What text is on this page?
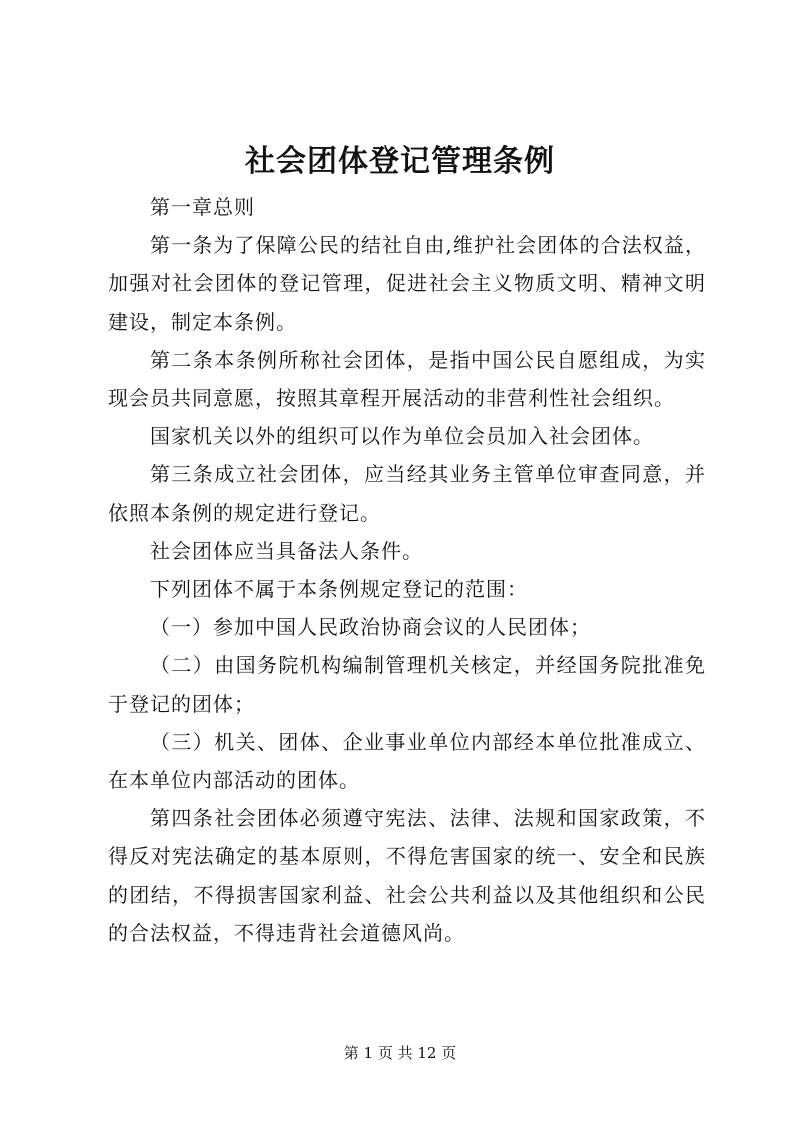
社会团体登记管理条例

第一章总则

第一条为了保障公民的结社自由,维护社会团体的合法权益，加强对社会团体的登记管理，促进社会主义物质文明、精神文明建设，制定本条例。

第二条本条例所称社会团体，是指中国公民自愿组成，为实现会员共同意愿，按照其章程开展活动的非营利性社会组织。

国家机关以外的组织可以作为单位会员加入社会团体。

第三条成立社会团体，应当经其业务主管单位审查同意，并依照本条例的规定进行登记。

社会团体应当具备法人条件。

下列团体不属于本条例规定登记的范围：

（一）参加中国人民政治协商会议的人民团体；

（二）由国务院机构编制管理机关核定，并经国务院批准免于登记的团体；

（三）机关、团体、企业事业单位内部经本单位批准成立、在本单位内部活动的团体。

第四条社会团体必须遵守宪法、法律、法规和国家政策，不得反对宪法确定的基本原则，不得危害国家的统一、安全和民族的团结，不得损害国家利益、社会公共利益以及其他组织和公民的合法权益，不得违背社会道德风尚。

第 1 页 共 12 页
